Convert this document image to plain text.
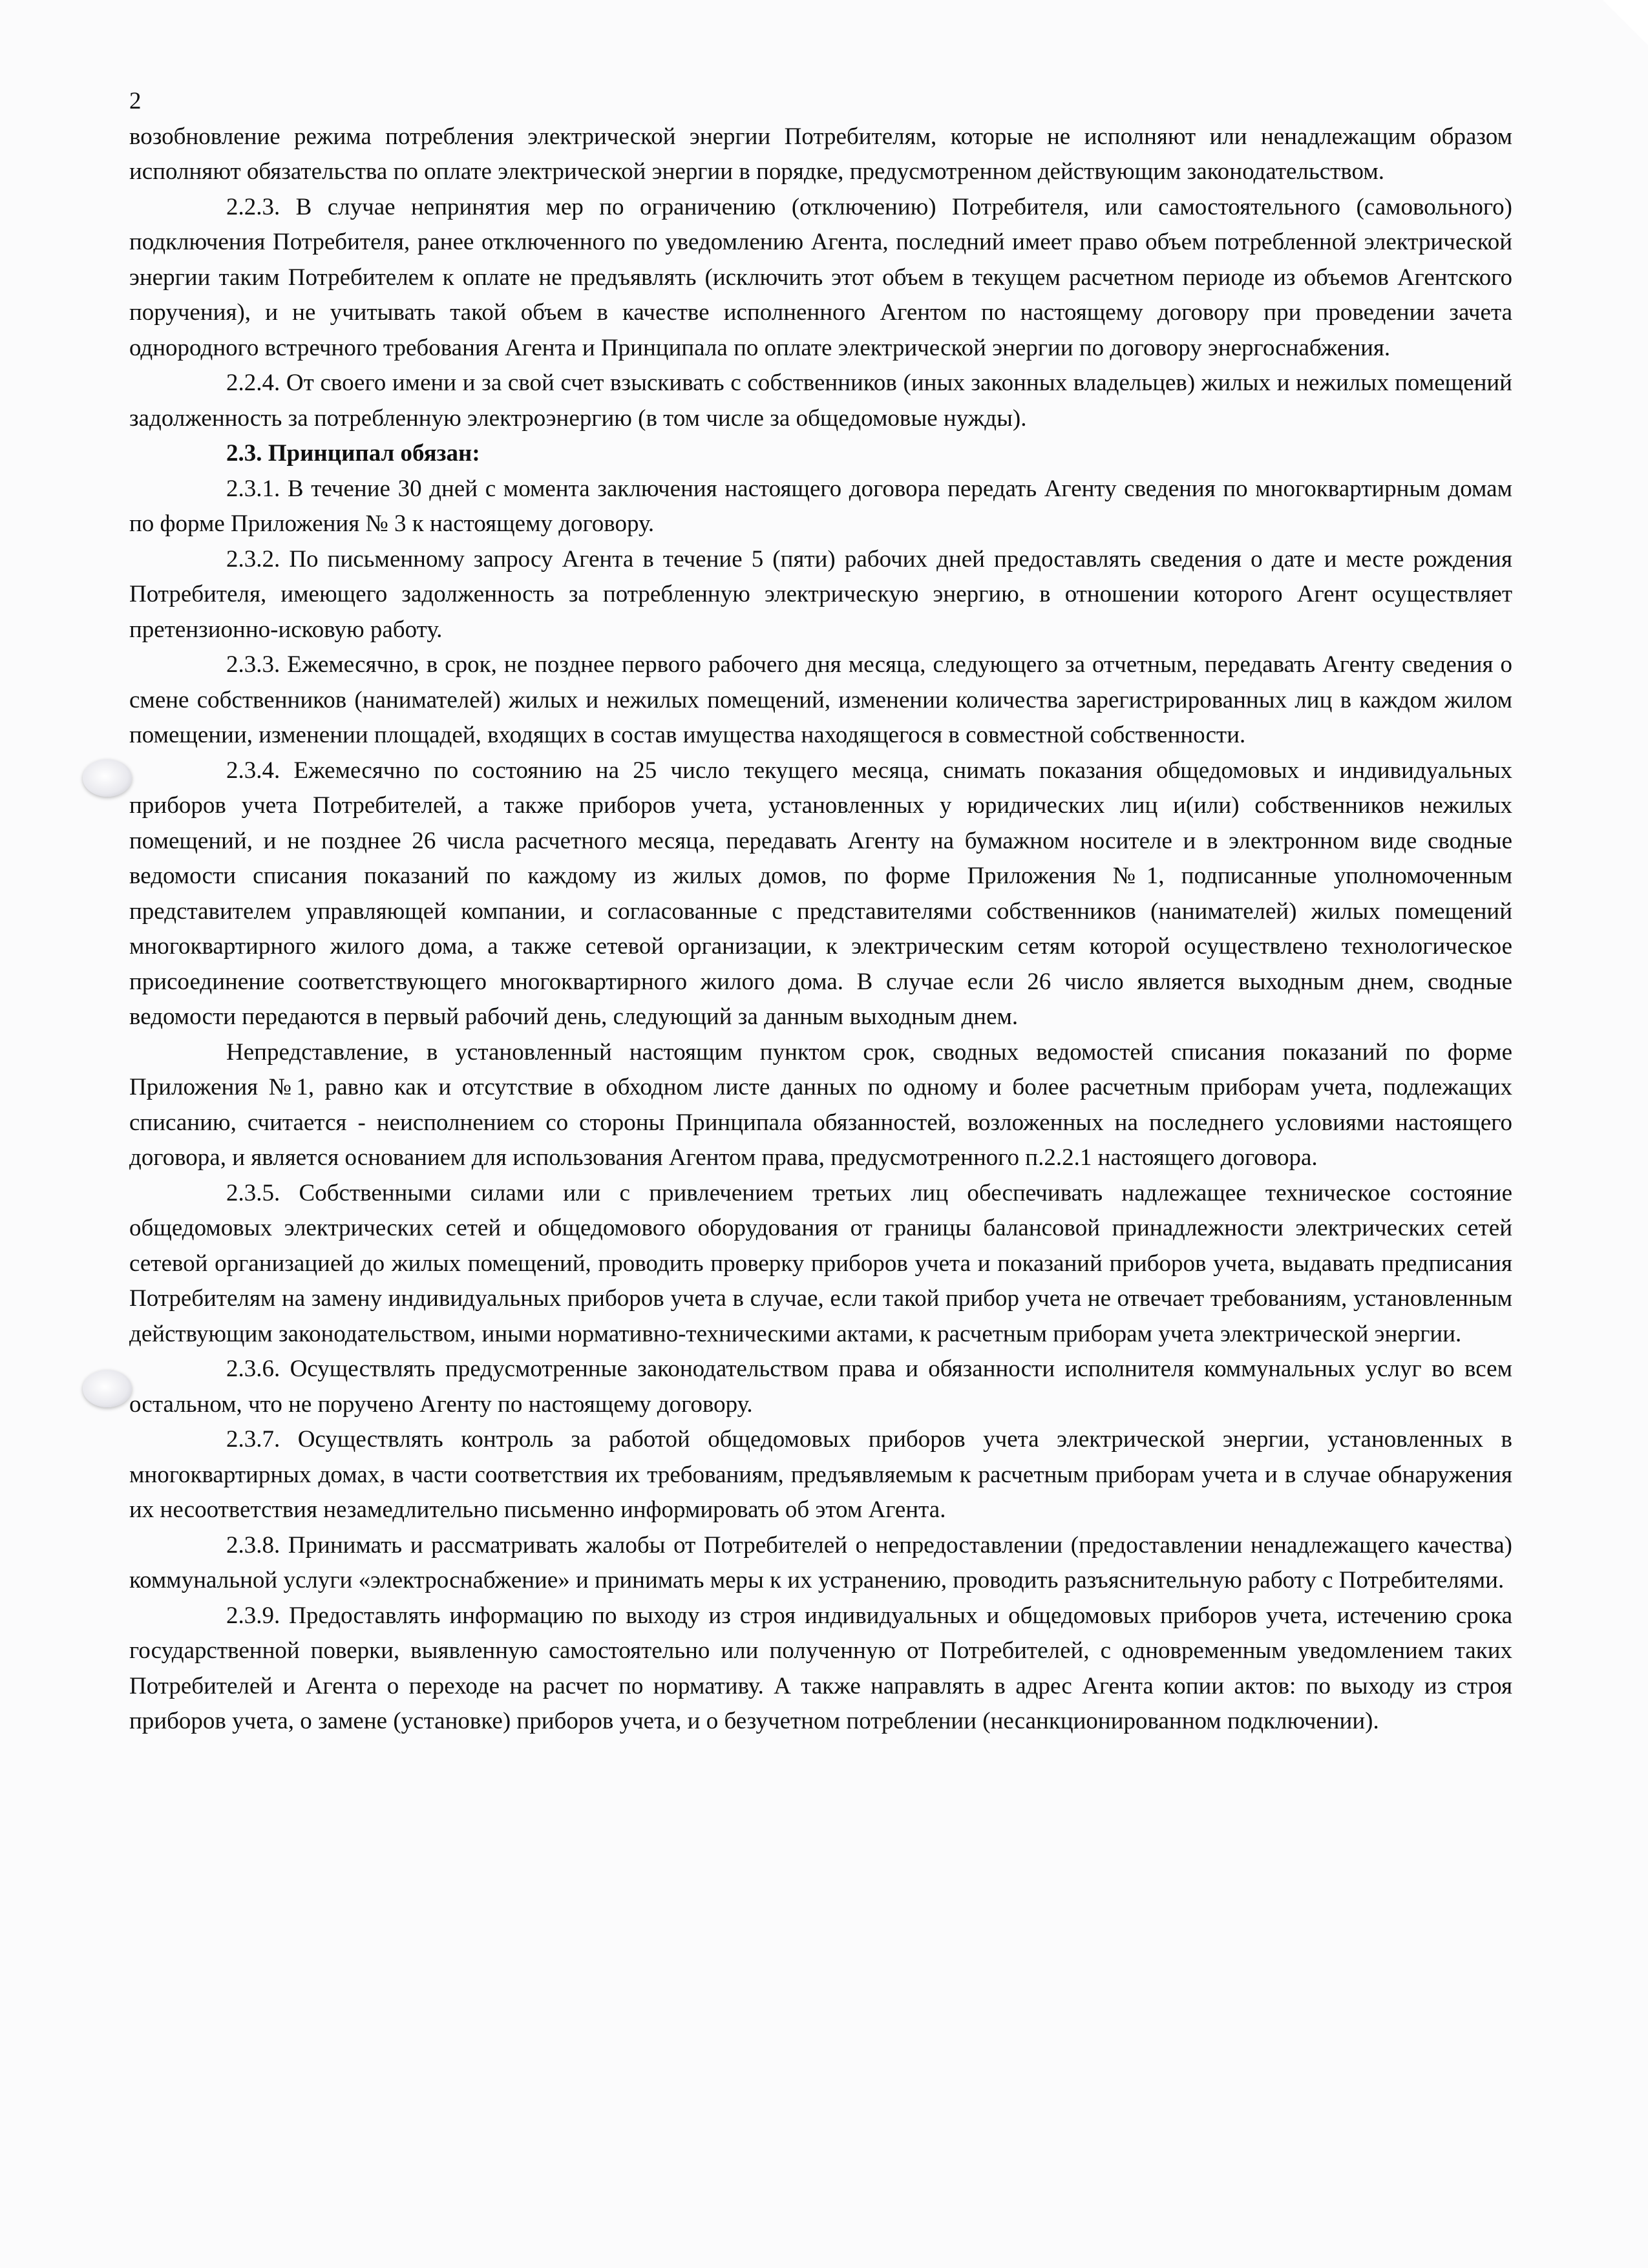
2

возобновление режима потребления электрической энергии Потребителям, которые не исполняют или ненадлежащим образом исполняют обязательства по оплате электрической энергии в порядке, предусмотренном действующим законодательством.

2.2.3. В случае непринятия мер по ограничению (отключению) Потребителя, или самостоятельного (самовольного) подключения Потребителя, ранее отключенного по уведомлению Агента, последний имеет право объем потребленной электрической энергии таким Потребителем к оплате не предъявлять (исключить этот объем в текущем расчетном периоде из объемов Агентского поручения), и не учитывать такой объем в качестве исполненного Агентом по настоящему договору при проведении зачета однородного встречного требования Агента и Принципала по оплате электрической энергии по договору энергоснабжения.

2.2.4. От своего имени и за свой счет взыскивать с собственников (иных законных владельцев) жилых и нежилых помещений задолженность за потребленную электроэнергию (в том числе за общедомовые нужды).

2.3. Принципал обязан:

2.3.1. В течение 30 дней с момента заключения настоящего договора передать Агенту сведения по многоквартирным домам по форме Приложения № 3 к настоящему договору.

2.3.2. По письменному запросу Агента в течение 5 (пяти) рабочих дней предоставлять сведения о дате и месте рождения Потребителя, имеющего задолженность за потребленную электрическую энергию, в отношении которого Агент осуществляет претензионно-исковую работу.

2.3.3. Ежемесячно, в срок, не позднее первого рабочего дня месяца, следующего за отчетным, передавать Агенту сведения о смене собственников (нанимателей) жилых и нежилых помещений, изменении количества зарегистрированных лиц в каждом жилом помещении, изменении площадей, входящих в состав имущества находящегося в совместной собственности.

2.3.4. Ежемесячно по состоянию на 25 число текущего месяца, снимать показания общедомовых и индивидуальных приборов учета Потребителей, а также приборов учета, установленных у юридических лиц и(или) собственников нежилых помещений, и не позднее 26 числа расчетного месяца, передавать Агенту на бумажном носителе и в электронном виде сводные ведомости списания показаний по каждому из жилых домов, по форме Приложения №1, подписанные уполномоченным представителем управляющей компании, и согласованные с представителями собственников (нанимателей) жилых помещений многоквартирного жилого дома, а также сетевой организации, к электрическим сетям которой осуществлено технологическое присоединение соответствующего многоквартирного жилого дома. В случае если 26 число является выходным днем, сводные ведомости передаются в первый рабочий день, следующий за данным выходным днем.

Непредставление, в установленный настоящим пунктом срок, сводных ведомостей списания показаний по форме Приложения №1, равно как и отсутствие в обходном листе данных по одному и более расчетным приборам учета, подлежащих списанию, считается - неисполнением со стороны Принципала обязанностей, возложенных на последнего условиями настоящего договора, и является основанием для использования Агентом права, предусмотренного п.2.2.1 настоящего договора.

2.3.5. Собственными силами или с привлечением третьих лиц обеспечивать надлежащее техническое состояние общедомовых электрических сетей и общедомового оборудования от границы балансовой принадлежности электрических сетей сетевой организацией до жилых помещений, проводить проверку приборов учета и показаний приборов учета, выдавать предписания Потребителям на замену индивидуальных приборов учета в случае, если такой прибор учета не отвечает требованиям, установленным действующим законодательством, иными нормативно-техническими актами, к расчетным приборам учета электрической энергии.

2.3.6. Осуществлять предусмотренные законодательством права и обязанности исполнителя коммунальных услуг во всем остальном, что не поручено Агенту по настоящему договору.

2.3.7. Осуществлять контроль за работой общедомовых приборов учета электрической энергии, установленных в многоквартирных домах, в части соответствия их требованиям, предъявляемым к расчетным приборам учета и в случае обнаружения их несоответствия незамедлительно письменно информировать об этом Агента.

2.3.8. Принимать и рассматривать жалобы от Потребителей о непредоставлении (предоставлении ненадлежащего качества) коммунальной услуги «электроснабжение» и принимать меры к их устранению, проводить разъяснительную работу с Потребителями.

2.3.9. Предоставлять информацию по выходу из строя индивидуальных и общедомовых приборов учета, истечению срока государственной поверки, выявленную самостоятельно или полученную от Потребителей, с одновременным уведомлением таких Потребителей и Агента о переходе на расчет по нормативу. А также направлять в адрес Агента копии актов: по выходу из строя приборов учета, о замене (установке) приборов учета, и о безучетном потреблении (несанкционированном подключении).
